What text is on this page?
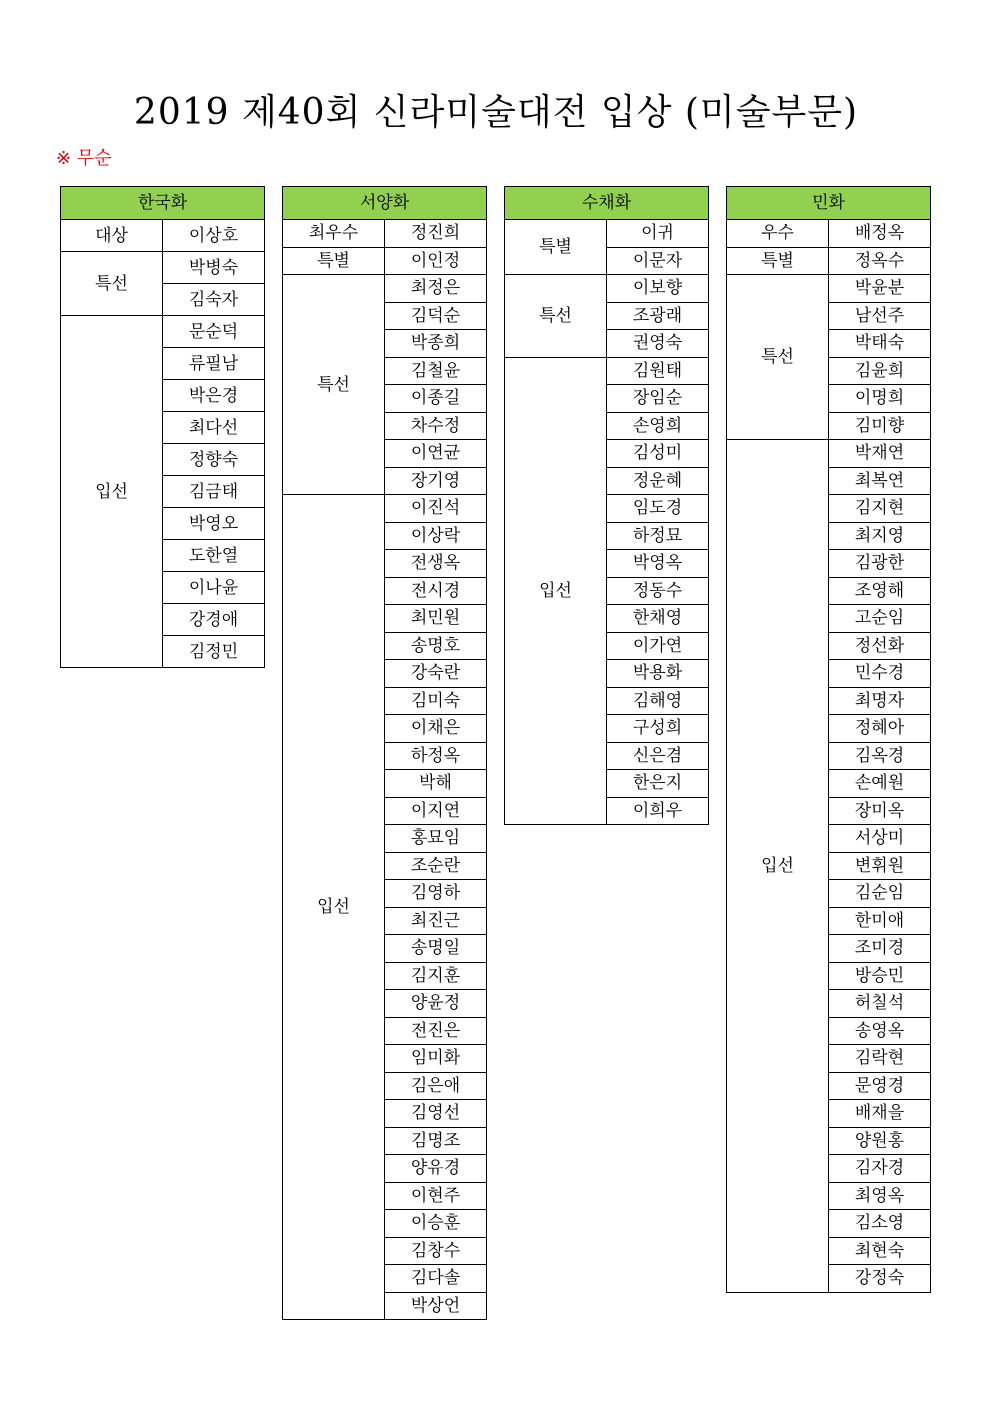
2019 제40회 신라미술대전 입상 (미술부문)
※ 무순
한국화	
대상	이상호
특선	박병숙
	김숙자
입선	문순덕
	류필남
	박은경
	최다선
	정향숙
	김금태
	박영오
	도한열
	이나윤
	강경애
	김정민
서양화	
최우수	정진희
특별	이인정
특선	최정은
	김덕순
	박종희
	김철윤
	이종길
	차수정
	이연균
	장기영
입선	이진석
	이상락
	전생옥
	전시경
	최민원
	송명호
	강숙란
	김미숙
	이채은
	하정옥
	박해
	이지연
	홍묘임
	조순란
	김영하
	최진근
	송명일
	김지훈
	양윤정
	전진은
	임미화
	김은애
	김영선
	김명조
	양유경
	이현주
	이승훈
	김창수
	김다솔
	박상언
수채화	
특별	이귀
	이문자
특선	이보향
	조광래
	권영숙
입선	김원태
	장임순
	손영희
	김성미
	정운혜
	임도경
	하정묘
	박영옥
	정동수
	한채영
	이가연
	박용화
	김해영
	구성희
	신은겸
	한은지
	이희우
민화	
우수	배정옥
특별	정옥수
특선	박윤분
	남선주
	박태숙
	김윤희
	이명희
	김미향
입선	박재연
	최복연
	김지현
	최지영
	김광한
	조영해
	고순임
	정선화
	민수경
	최명자
	정혜아
	김옥경
	손예원
	장미옥
	서상미
	변휘원
	김순임
	한미애
	조미경
	방승민
	허칠석
	송영옥
	김락현
	문영경
	배재을
	양원홍
	김자경
	최영옥
	김소영
	최현숙
	강정숙
